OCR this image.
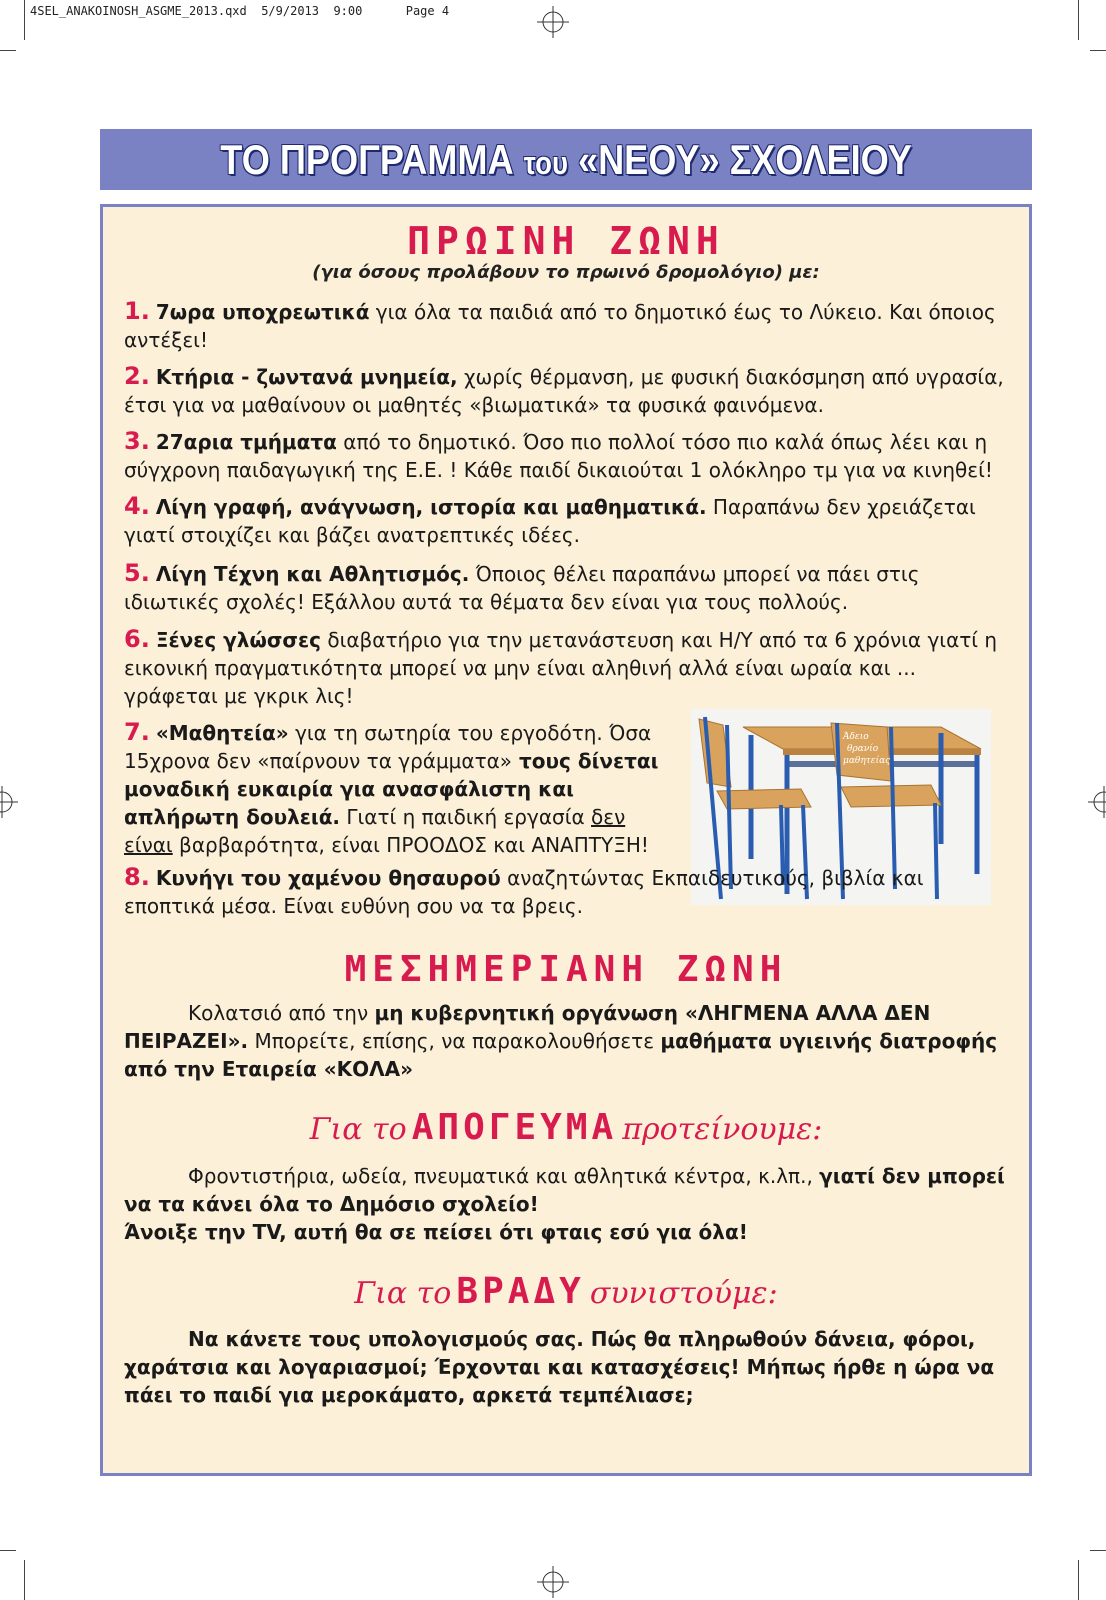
4SEL_ANAKOINOSH_ASGME_2013.qxd 5/9/2013 9:00	Page 4
ΤΟ ΠΡΟΓΡΑΜΜΑ του «ΝΕΟΥ» ΣΧΟΛΕΙΟΥ
ΠΡΩΙΝΗ ΖΩΝΗ
(για όσους προλάβουν το πρωινό δρομολόγιο) με:
1. 7ωρα υποχρεωτικά για όλα τα παιδιά από το δημοτικό έως το Λύκειο. Και όποιος αντέξει!
2. Κτήρια - ζωντανά μνημεία, χωρίς θέρμανση, με φυσική διακόσμηση από υγρασία, έτσι για να μαθαίνουν οι μαθητές «βιωματικά» τα φυσικά φαινόμενα.
3. 27αρια τμήματα από το δημοτικό. Όσο πιο πολλοί τόσο πιο καλά όπως λέει και η σύγχρονη παιδαγωγική της Ε.Ε. ! Κάθε παιδί δικαιούται 1 ολόκληρο τμ για να κινηθεί!
4. Λίγη γραφή, ανάγνωση, ιστορία και μαθηματικά. Παραπάνω δεν χρειάζεται γιατί στοιχίζει και βάζει ανατρεπτικές ιδέες.
5. Λίγη Τέχνη και Αθλητισμός. Όποιος θέλει παραπάνω μπορεί να πάει στις ιδιωτικές σχολές! Εξάλλου αυτά τα θέματα δεν είναι για τους πολλούς.
6. Ξένες γλώσσες διαβατήριο για την μετανάστευση και Η/Υ από τα 6 χρόνια γιατί η εικονική πραγματικότητα μπορεί να μην είναι αληθινή αλλά είναι ωραία και ... γράφεται με γκρικ λις!
7. «Μαθητεία» για τη σωτηρία του εργοδότη. Όσα 15χρονα δεν «παίρνουν τα γράμματα» τους δίνεται μοναδική ευκαιρία για ανασφάλιστη και απλήρωτη δουλειά. Γιατί η παιδική εργασία δεν είναι βαρβαρότητα, είναι ΠΡΟΟΔΟΣ και ΑΝΑΠΤΥΞΗ!
Άδειο
θρανίο
μαθητείας
8. Κυνήγι του χαμένου θησαυρού αναζητώντας Εκπαιδευτικούς, βιβλία και εποπτικά μέσα. Είναι ευθύνη σου να τα βρεις.
ΜΕΣΗΜΕΡΙΑΝΗ ΖΩΝΗ
Κολατσιό από την μη κυβερνητική οργάνωση «ΛΗΓΜΕΝΑ ΑΛΛΑ ΔΕΝ ΠΕΙΡΑΖΕΙ». Μπορείτε, επίσης, να παρακολουθήσετε μαθήματα υγιεινής διατροφής από την Εταιρεία «ΚΟΛΑ»
Για το ΑΠΟΓΕΥΜΑ προτείνουμε:
Φροντιστήρια, ωδεία, πνευματικά και αθλητικά κέντρα, κ.λπ., γιατί δεν μπορεί να τα κάνει όλα το Δημόσιο σχολείο!
Άνοιξε την TV, αυτή θα σε πείσει ότι φταις εσύ για όλα!
Για το ΒΡΑΔΥ συνιστούμε:
Να κάνετε τους υπολογισμούς σας. Πώς θα πληρωθούν δάνεια, φόροι, χαράτσια και λογαριασμοί; Έρχονται και κατασχέσεις! Μήπως ήρθε η ώρα να πάει το παιδί για μεροκάματο, αρκετά τεμπέλιασε;
